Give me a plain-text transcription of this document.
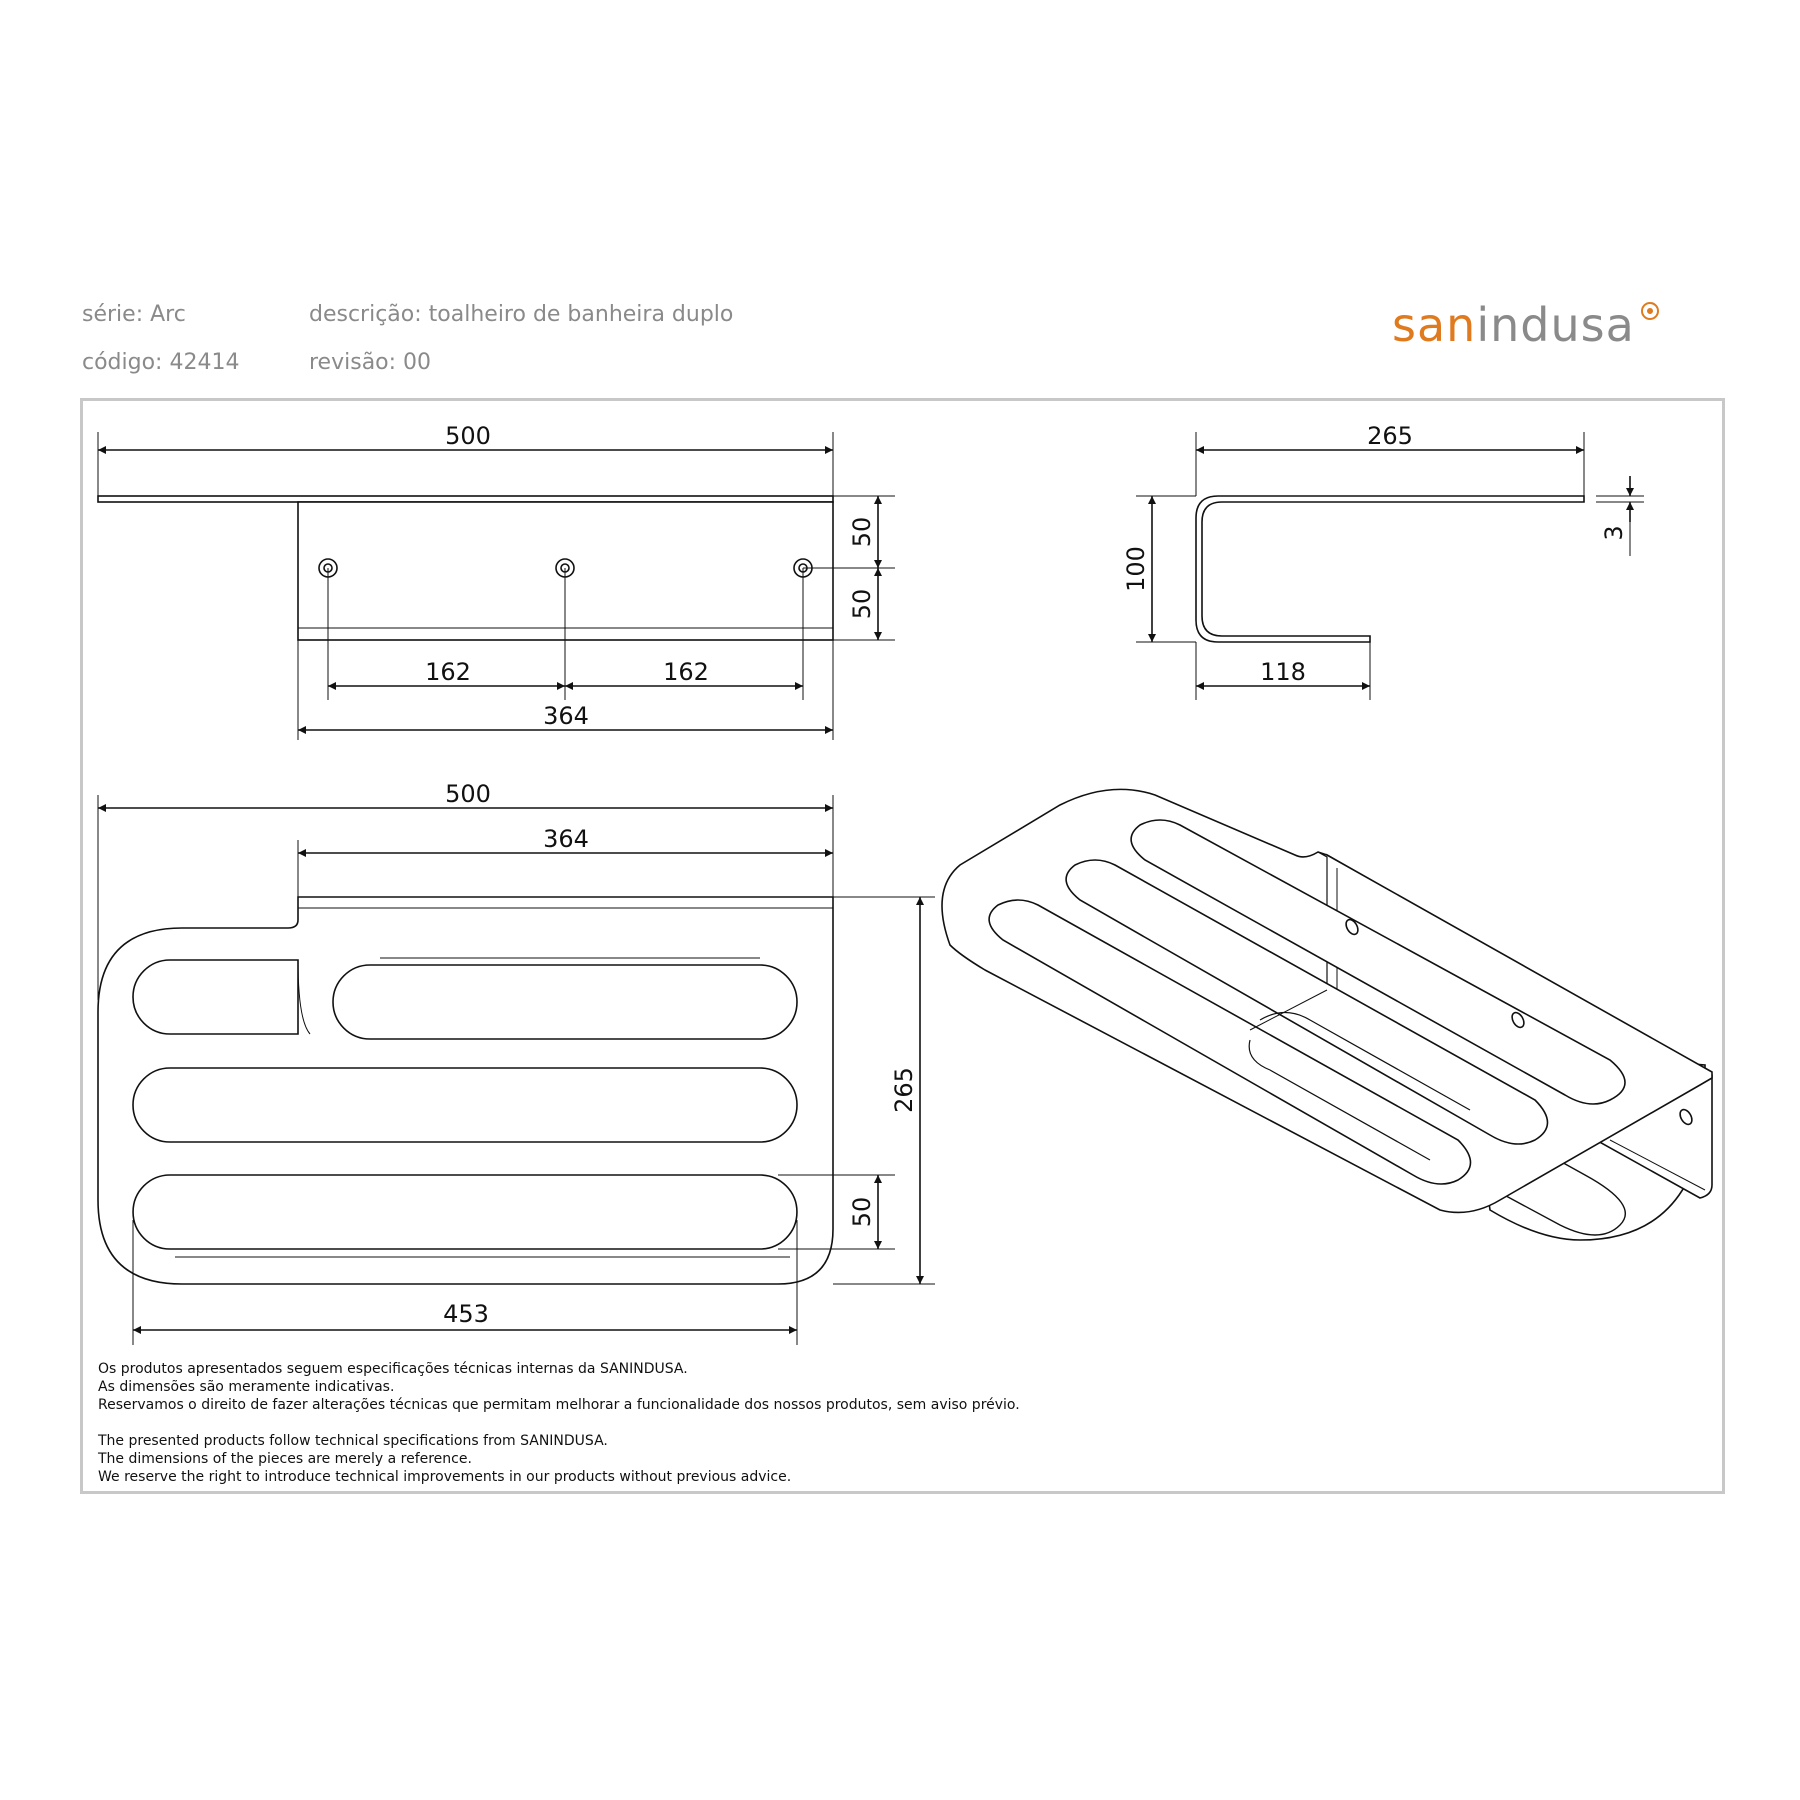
série: Arc
código: 42414
descrição: toalheiro de banheira duplo
revisão: 00
sanindusa
500
50
50
162	162
364
265
100
3
118
500
364
265
50
453
Os produtos apresentados seguem especificações técnicas internas da SANINDUSA.
As dimensões são meramente indicativas.
Reservamos o direito de fazer alterações técnicas que permitam melhorar a funcionalidade dos nossos produtos, sem aviso prévio.
The presented products follow technical specifications from SANINDUSA.
The dimensions of the pieces are merely a reference.
We reserve the right to introduce technical improvements in our products without previous advice.
